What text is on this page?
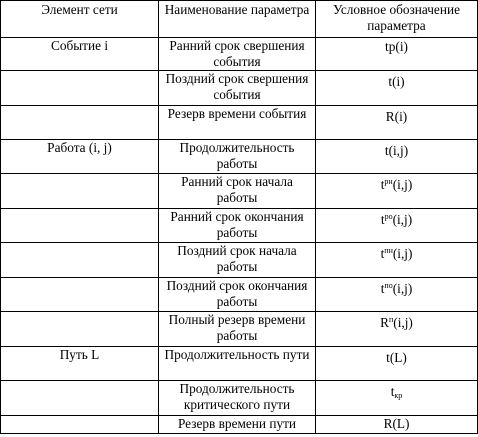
Элемент сети	Наименование параметра	Условное обозначение параметра
Событие i	Ранний срок свершения события	tp(i)
	Поздний срок свершения события	t(i)
	Резерв времени события	R(i)
Работа (i, j)	Продолжительность работы	t(i,j)
	Ранний срок начала работы	$t^{рн}(i,j)$
	Ранний срок окончания работы	$t^{ро}(i,j)$
	Поздний срок начала работы	$t^{пн}(i,j)$
	Поздний срок окончания работы	$t^{по}(i,j)$
	Полный резерв времени работы	$R^п(i,j)$
Путь L	Продолжительность пути	t(L)
	Продолжительность критического пути	$t_{кр}$
	Резерв времени пути	R(L)
